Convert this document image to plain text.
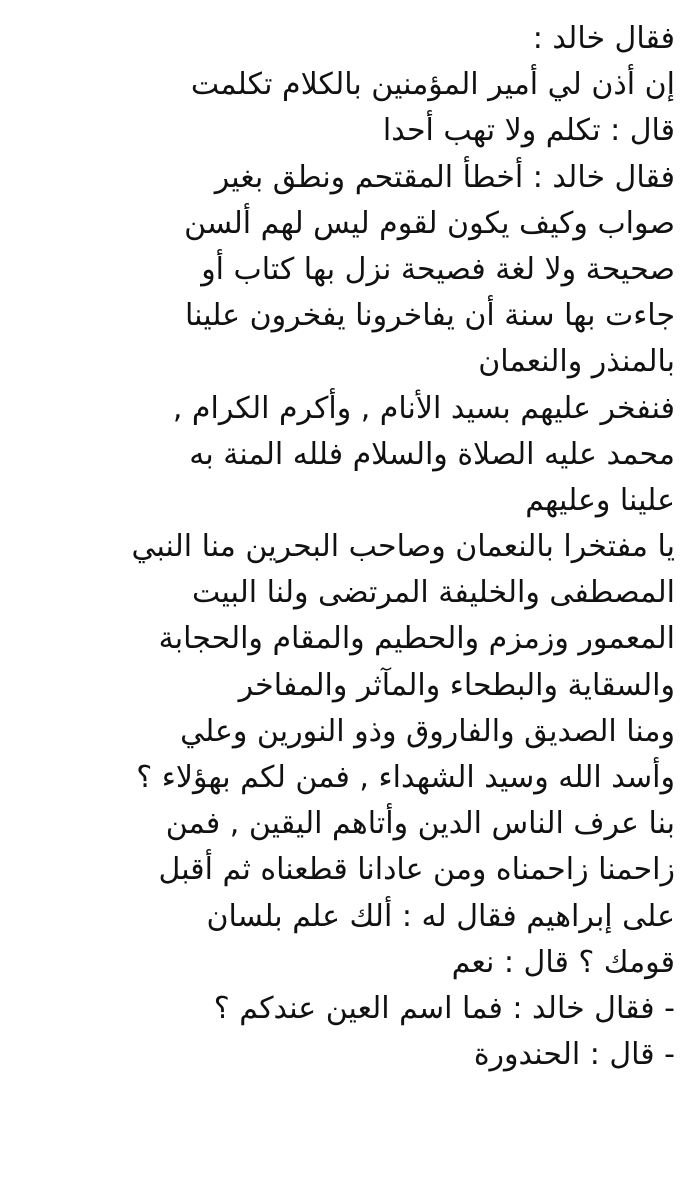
فقال خالد :
إن أذن لي أمير المؤمنين بالكلام تكلمت
قال : تكلم ولا تهب أحدا
فقال خالد : أخطأ المقتحم ونطق بغير
صواب وكيف يكون لقوم ليس لهم ألسن
صحيحة ولا لغة فصيحة نزل بها كتاب أو
جاءت بها سنة أن يفاخرونا يفخرون علينا
بالمنذر والنعمان
فنفخر عليهم بسيد الأنام , وأكرم الكرام ,
محمد عليه الصلاة والسلام فلله المنة به
علينا وعليهم
يا مفتخرا بالنعمان وصاحب البحرين منا النبي
المصطفى والخليفة المرتضى ولنا البيت
المعمور وزمزم والحطيم والمقام والحجابة
والسقاية والبطحاء والمآثر والمفاخر
ومنا الصديق والفاروق وذو النورين وعلي
وأسد الله وسيد الشهداء , فمن لكم بهؤلاء ؟
بنا عرف الناس الدين وأتاهم اليقين , فمن
زاحمنا زاحمناه ومن عادانا قطعناه ثم أقبل
على إبراهيم فقال له : ألك علم بلسان
قومك ؟ قال : نعم
- فقال خالد : فما اسم العين عندكم ؟
- قال : الحندورة
